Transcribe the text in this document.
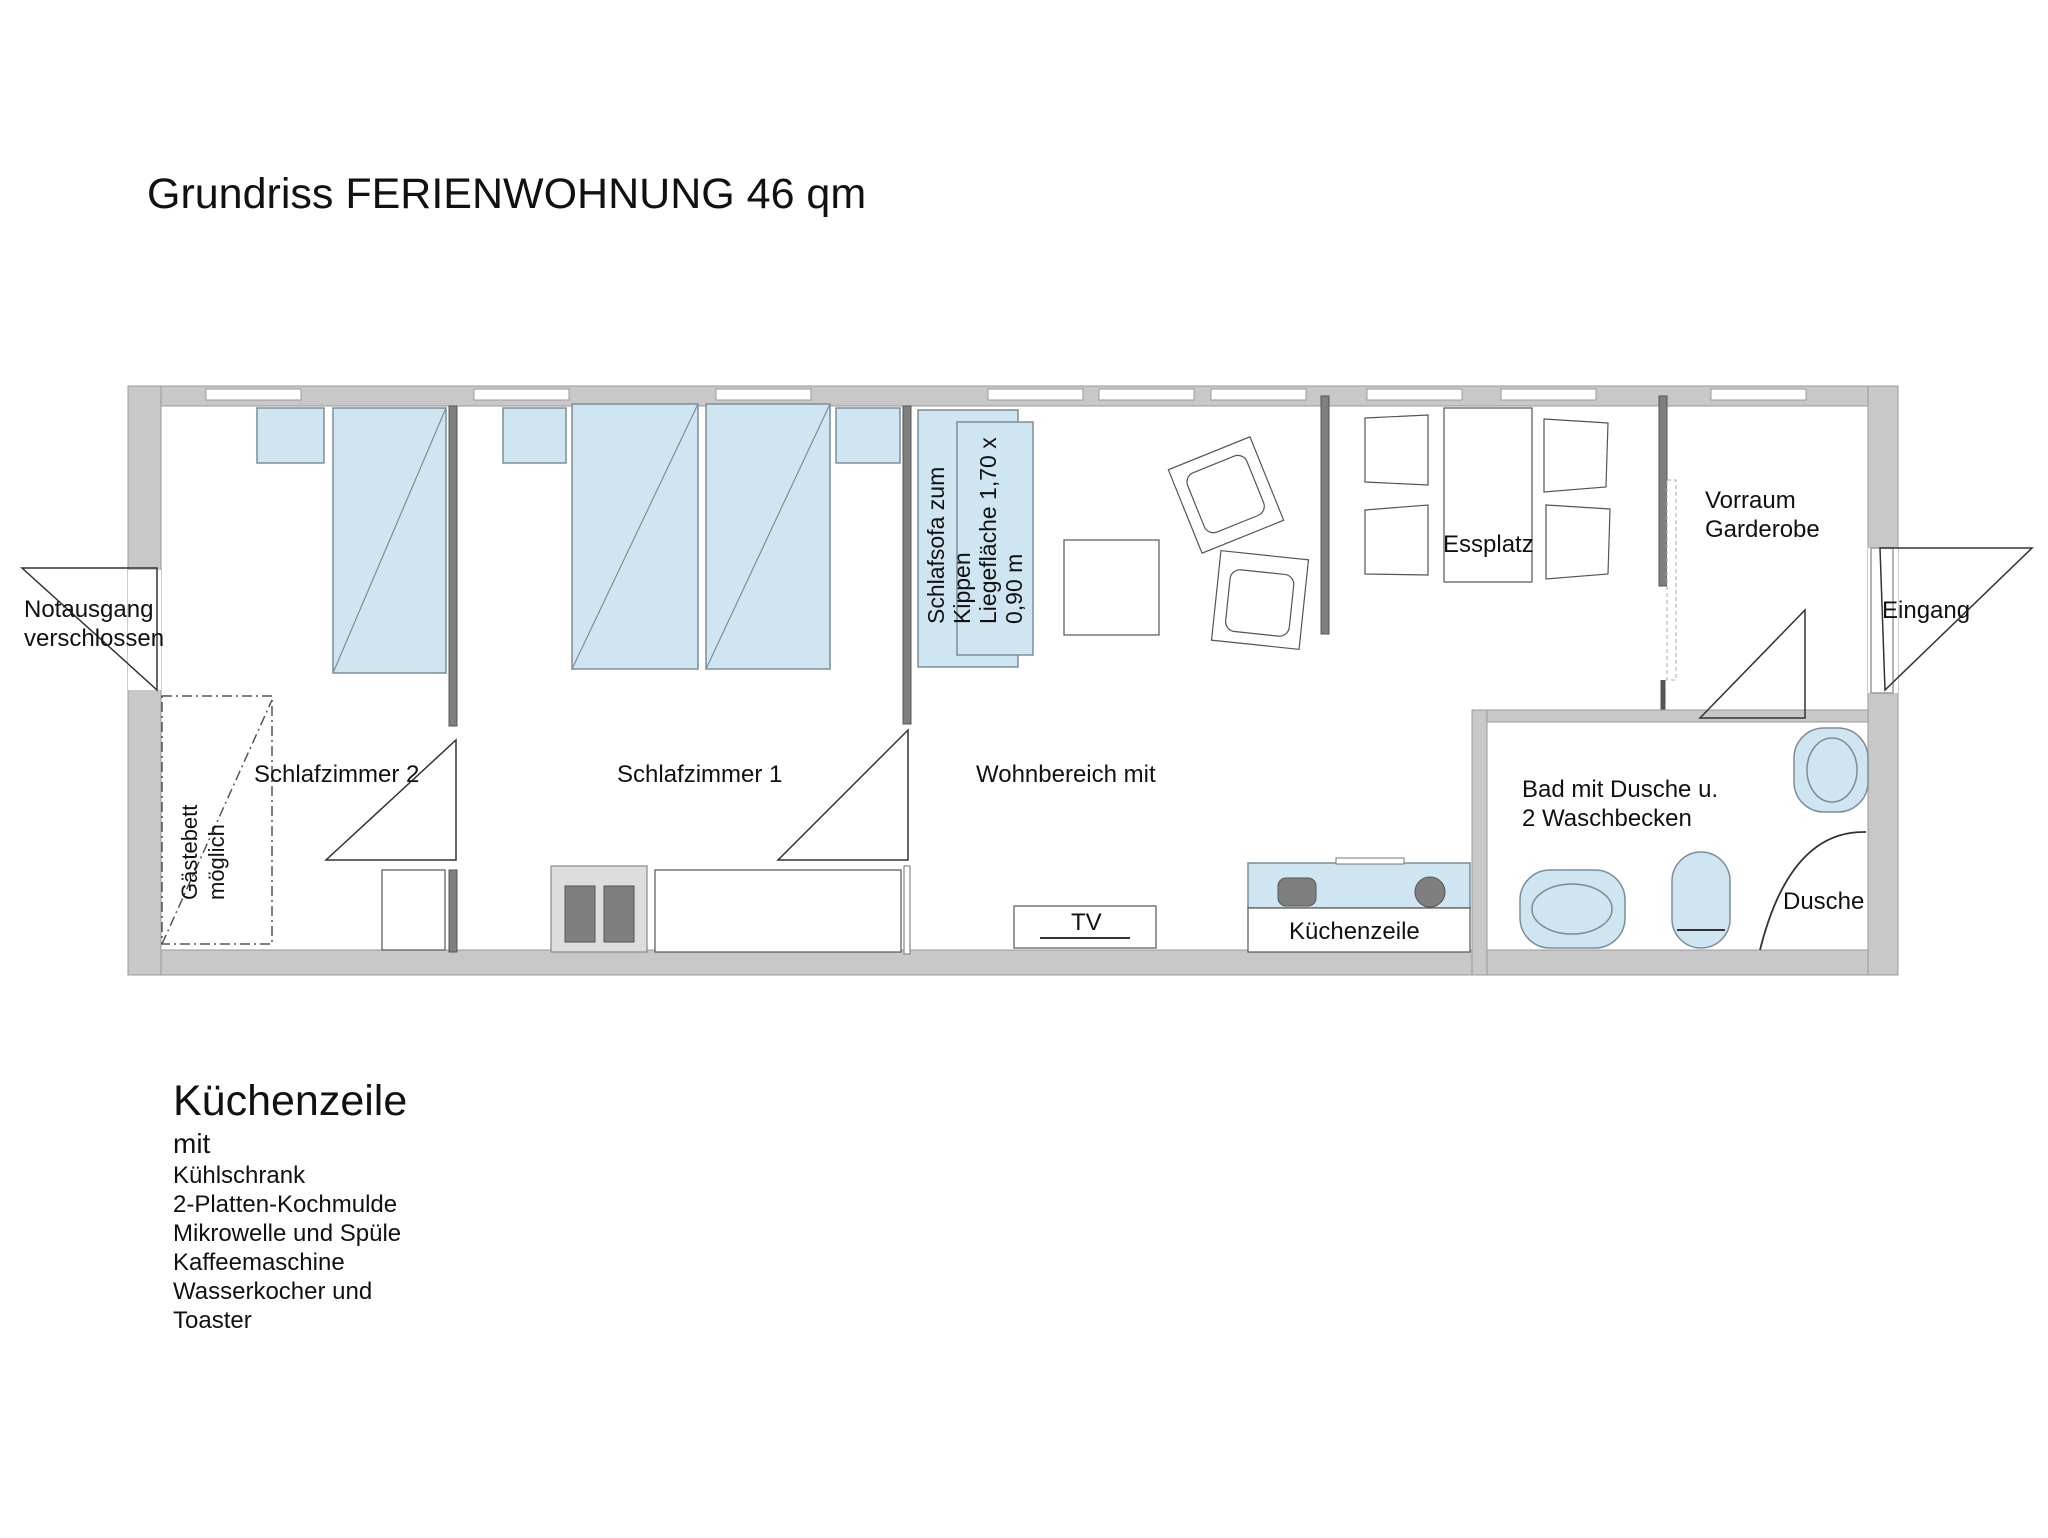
Grundriss FERIENWOHNUNG 46 qm
Notausgang verschlossen
Gästebettmöglich
Schlafzimmer 2	Schlafzimmer 1
Schlafsofa zumKippenLiegefläche 1,70 x0,90 m
Wohnbereich mit
Essplatz
Vorraum Garderobe
Eingang
Bad mit Dusche u. 2 Waschbecken
Dusche
TV	Küchenzeile
Küchenzeile
mit
Kühlschrank
2-Platten-Kochmulde
Mikrowelle und Spüle
Kaffeemaschine
Wasserkocher und
Toaster
